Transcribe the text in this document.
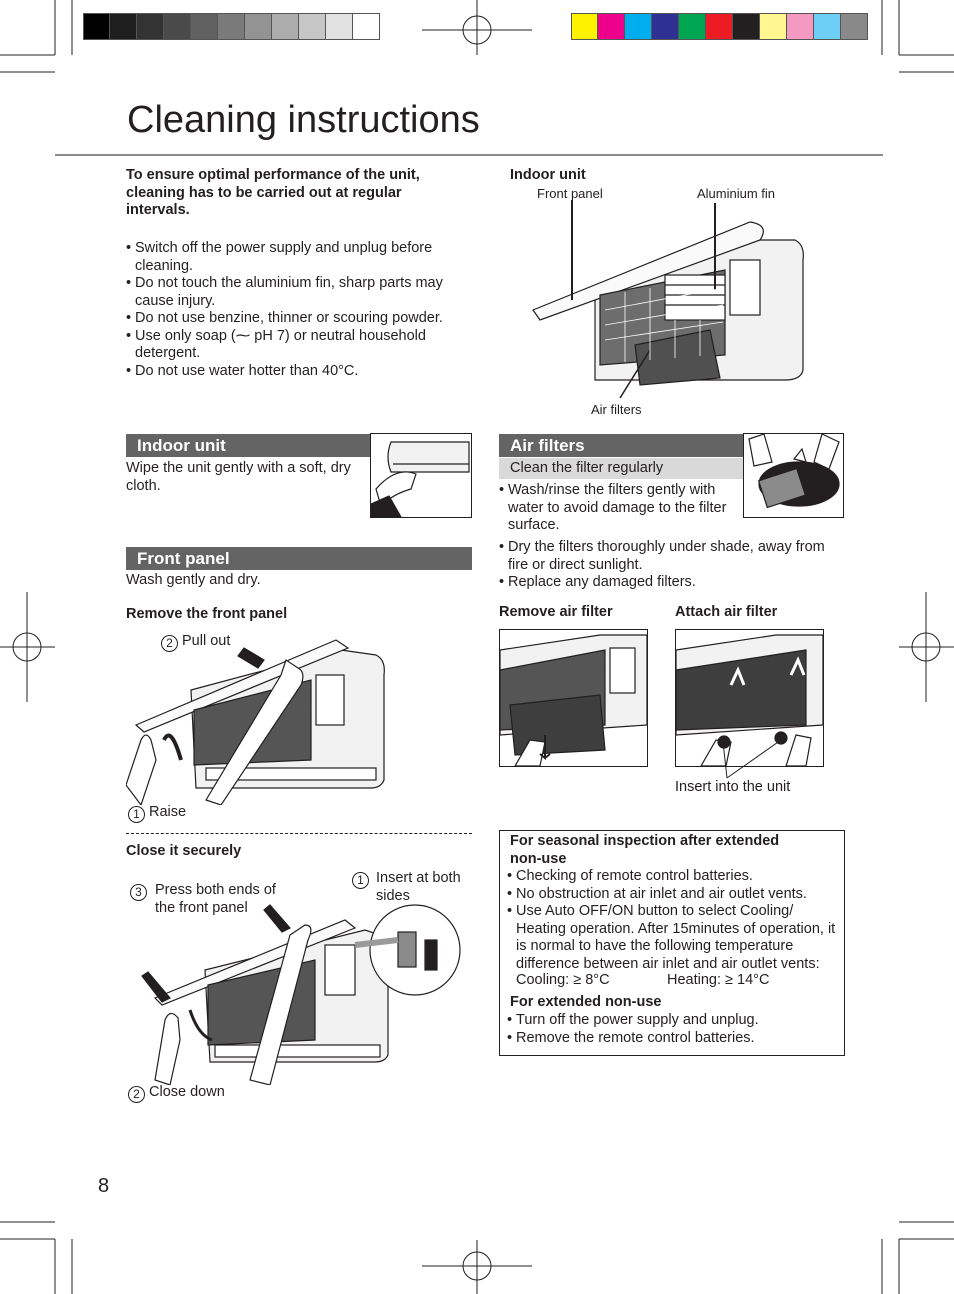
Cleaning instructions
To ensure optimal performance of the unit, cleaning has to be carried out at regular intervals.
• Switch off the power supply and unplug before cleaning.
• Do not touch the aluminium fin, sharp parts may cause injury.
• Do not use benzine, thinner or scouring powder.
• Use only soap (⁓ pH 7) or neutral household detergent.
• Do not use water hotter than 40°C.
Indoor unit
Front panel	Aluminium fin
Air filters
Indoor unit
Wipe the unit gently with a soft, dry cloth.
Front panel
Wash gently and dry.
Remove the front panel
2 Pull out
1 Raise
Close it securely
3 Press both ends of the front panel
1 Insert at both sides
2 Close down
Air filters
Clean the filter regularly
• Wash/rinse the filters gently with water to avoid damage to the filter surface.
• Dry the filters thoroughly under shade, away from fire or direct sunlight.
• Replace any damaged filters.
Remove air filter	Attach air filter
Insert into the unit
For seasonal inspection after extended non-use
• Checking of remote control batteries.
• No obstruction at air inlet and air outlet vents.
• Use Auto OFF/ON button to select Cooling/ Heating operation. After 15minutes of operation, it is normal to have the following temperature difference between air inlet and air outlet vents:
Cooling: ≥ 8°C	Heating: ≥ 14°C
For extended non-use
• Turn off the power supply and unplug.
• Remove the remote control batteries.
8
